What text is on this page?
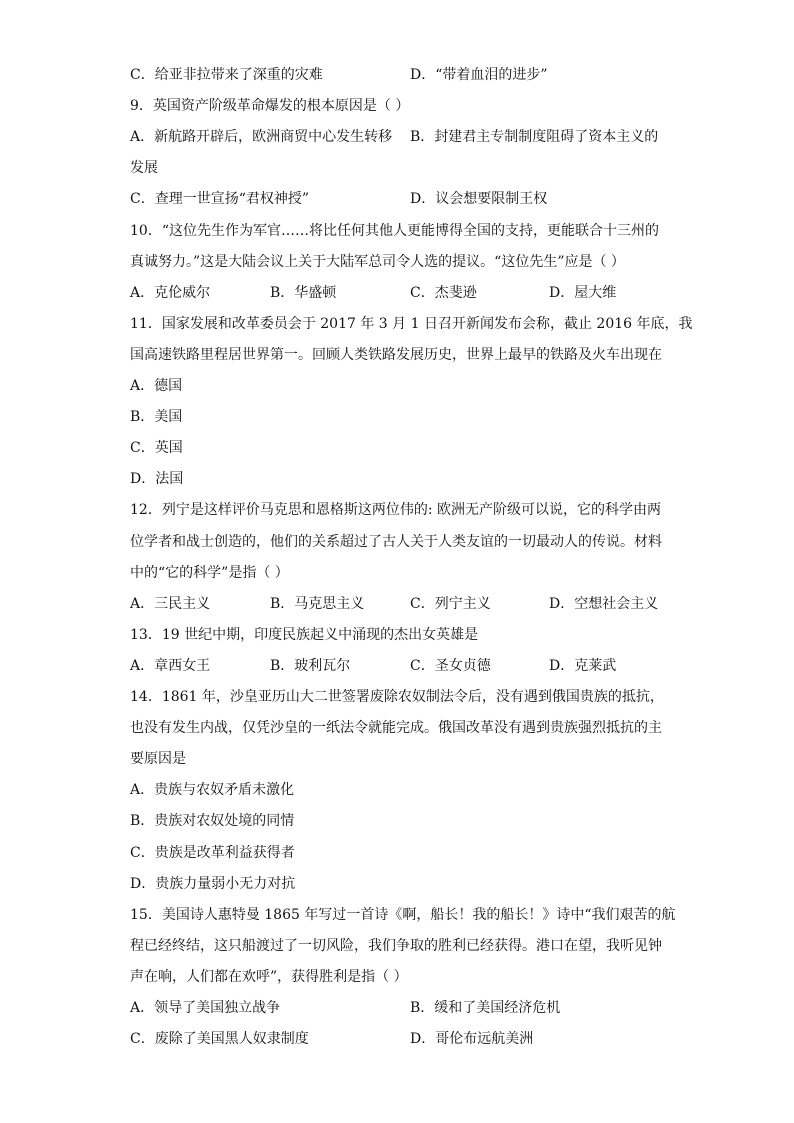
C．给亚非拉带来了深重的灾难	D．“带着血泪的进步”
9．英国资产阶级革命爆发的根本原因是（ ）
A．新航路开辟后，欧洲商贸中心发生转移 B．封建君主专制制度阻碍了资本主义的
发展
C．查理一世宣扬“君权神授”	D．议会想要限制王权
10．“这位先生作为军官……将比任何其他人更能博得全国的支持，更能联合十三州的
真诚努力。”这是大陆会议上关于大陆军总司令人选的提议。“这位先生”应是（ ）
A．克伦威尔	B．华盛顿	C．杰斐逊	D．屋大维
11．国家发展和改革委员会于 2017 年 3 月 1 日召开新闻发布会称，截止 2016 年底，我
国高速铁路里程居世界第一。回顾人类铁路发展历史，世界上最早的铁路及火车出现在
A．德国
B．美国
C．英国
D．法国
12．列宁是这样评价马克思和恩格斯这两位伟的: 欧洲无产阶级可以说，它的科学由两
位学者和战士创造的，他们的关系超过了古人关于人类友谊的一切最动人的传说。材料
中的“它的科学”是指（ ）
A．三民主义	B．马克思主义	C．列宁主义	D．空想社会主义
13．19 世纪中期，印度民族起义中涌现的杰出女英雄是
A．章西女王	B．玻利瓦尔	C．圣女贞德	D．克莱武
14．1861 年，沙皇亚历山大二世签署废除农奴制法令后，没有遇到俄国贵族的抵抗，
也没有发生内战，仅凭沙皇的一纸法令就能完成。俄国改革没有遇到贵族强烈抵抗的主
要原因是
A．贵族与农奴矛盾未激化
B．贵族对农奴处境的同情
C．贵族是改革利益获得者
D．贵族力量弱小无力对抗
15．美国诗人惠特曼 1865 年写过一首诗《啊，船长！我的船长！》诗中“我们艰苦的航
程已经终结，这只船渡过了一切风险，我们争取的胜利已经获得。港口在望，我听见钟
声在响，人们都在欢呼”，获得胜利是指（ ）
A．领导了美国独立战争	B．缓和了美国经济危机
C．废除了美国黑人奴隶制度	D．哥伦布远航美洲
